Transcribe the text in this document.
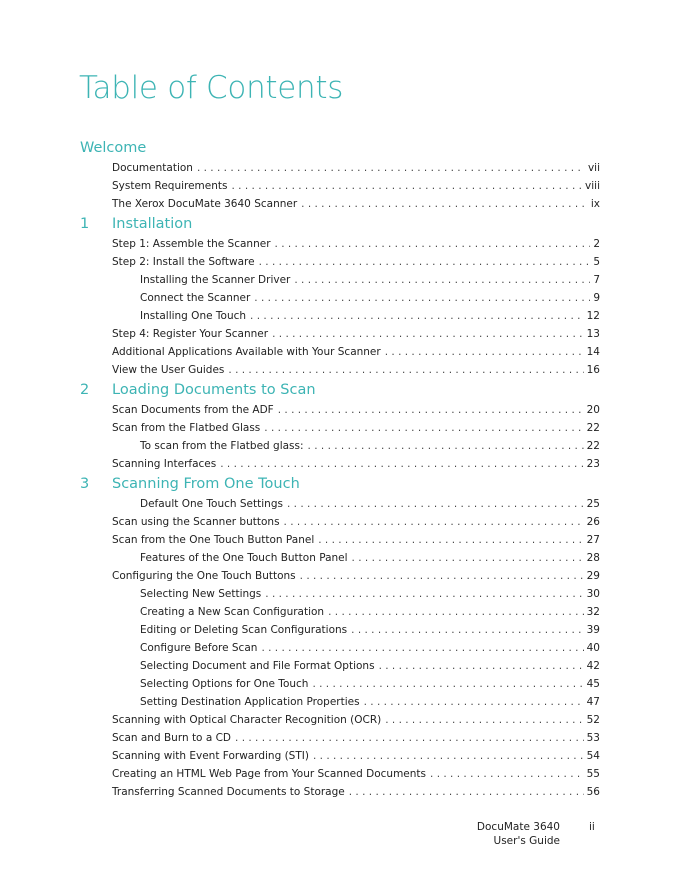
Table of Contents
Welcome
Documentation . . .	vii
System Requirements . . .	viii
The Xerox DocuMate 3640 Scanner . . .	ix
1 Installation
Step 1: Assemble the Scanner . . .	2
Step 2: Install the Software . . .	5
Installing the Scanner Driver . . .	7
Connect the Scanner . . .	9
Installing One Touch . . .	12
Step 4: Register Your Scanner . . .	13
Additional Applications Available with Your Scanner . . .	14
View the User Guides . . .	16
2 Loading Documents to Scan
Scan Documents from the ADF . . .	20
Scan from the Flatbed Glass . . .	22
To scan from the Flatbed glass: . . .	22
Scanning Interfaces . . .	23
3 Scanning From One Touch
Default One Touch Settings . . .	25
Scan using the Scanner buttons . . .	26
Scan from the One Touch Button Panel . . .	27
Features of the One Touch Button Panel . . .	28
Configuring the One Touch Buttons . . .	29
Selecting New Settings . . .	30
Creating a New Scan Configuration . . .	32
Editing or Deleting Scan Configurations . . .	39
Configure Before Scan . . .	40
Selecting Document and File Format Options . . .	42
Selecting Options for One Touch . . .	45
Setting Destination Application Properties . . .	47
Scanning with Optical Character Recognition (OCR) . . .	52
Scan and Burn to a CD . . .	53
Scanning with Event Forwarding (STI) . . .	54
Creating an HTML Web Page from Your Scanned Documents . . .	55
Transferring Scanned Documents to Storage . . .	56
DocuMate 3640
User's Guide
ii
